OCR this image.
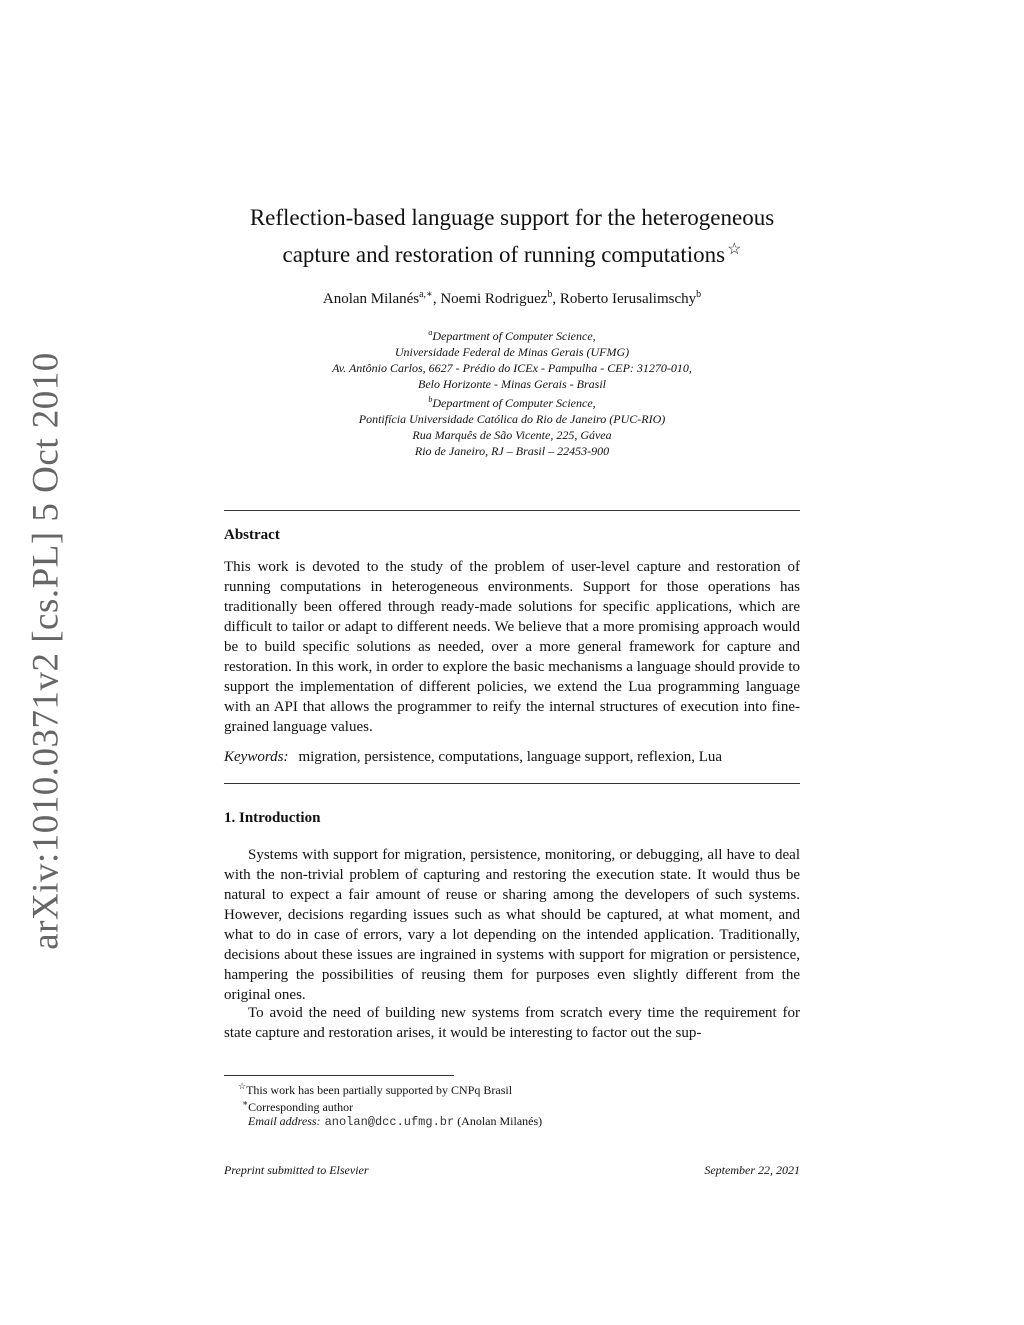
arXiv:1010.0371v2 [cs.PL] 5 Oct 2010
Reflection-based language support for the heterogeneous
capture and restoration of running computations ☆
Anolan Milanés$^{a,∗}$, Noemi Rodriguez$^b$, Roberto Ierusalimschy$^b$
$^a$Department of Computer Science,
Universidade Federal de Minas Gerais (UFMG)
Av. Antônio Carlos, 6627 - Prédio do ICEx - Pampulha - CEP: 31270-010,
Belo Horizonte - Minas Gerais - Brasil
$^b$Department of Computer Science,
Pontifícia Universidade Católica do Rio de Janeiro (PUC-RIO)
Rua Marquês de São Vicente, 225, Gávea
Rio de Janeiro, RJ – Brasil – 22453-900
Abstract

This work is devoted to the study of the problem of user-level capture and restoration of running computations in heterogeneous environments. Support for those operations has traditionally been offered through ready-made solutions for specific applications, which are difficult to tailor or adapt to different needs. We believe that a more promising approach would be to build specific solutions as needed, over a more general framework for capture and restoration. In this work, in order to explore the basic mechanisms a language should provide to support the implementation of different policies, we extend the Lua programming language with an API that allows the programmer to reify the internal structures of execution into fine-grained language values.

Keywords: migration, persistence, computations, language support, reflexion, Lua
1. Introduction

Systems with support for migration, persistence, monitoring, or debugging, all have to deal with the non-trivial problem of capturing and restoring the execution state. It would thus be natural to expect a fair amount of reuse or sharing among the developers of such systems. However, decisions regarding issues such as what should be captured, at what moment, and what to do in case of errors, vary a lot depending on the intended application. Traditionally, decisions about these issues are ingrained in systems with support for migration or persistence, hampering the possibilities of reusing them for purposes even slightly different from the original ones.

To avoid the need of building new systems from scratch every time the requirement for state capture and restoration arises, it would be interesting to factor out the sup-

☆This work has been partially supported by CNPq Brasil
∗Corresponding author
Email address: anolan@dcc.ufmg.br (Anolan Milanés)
Preprint submitted to Elsevier	September 22, 2021
